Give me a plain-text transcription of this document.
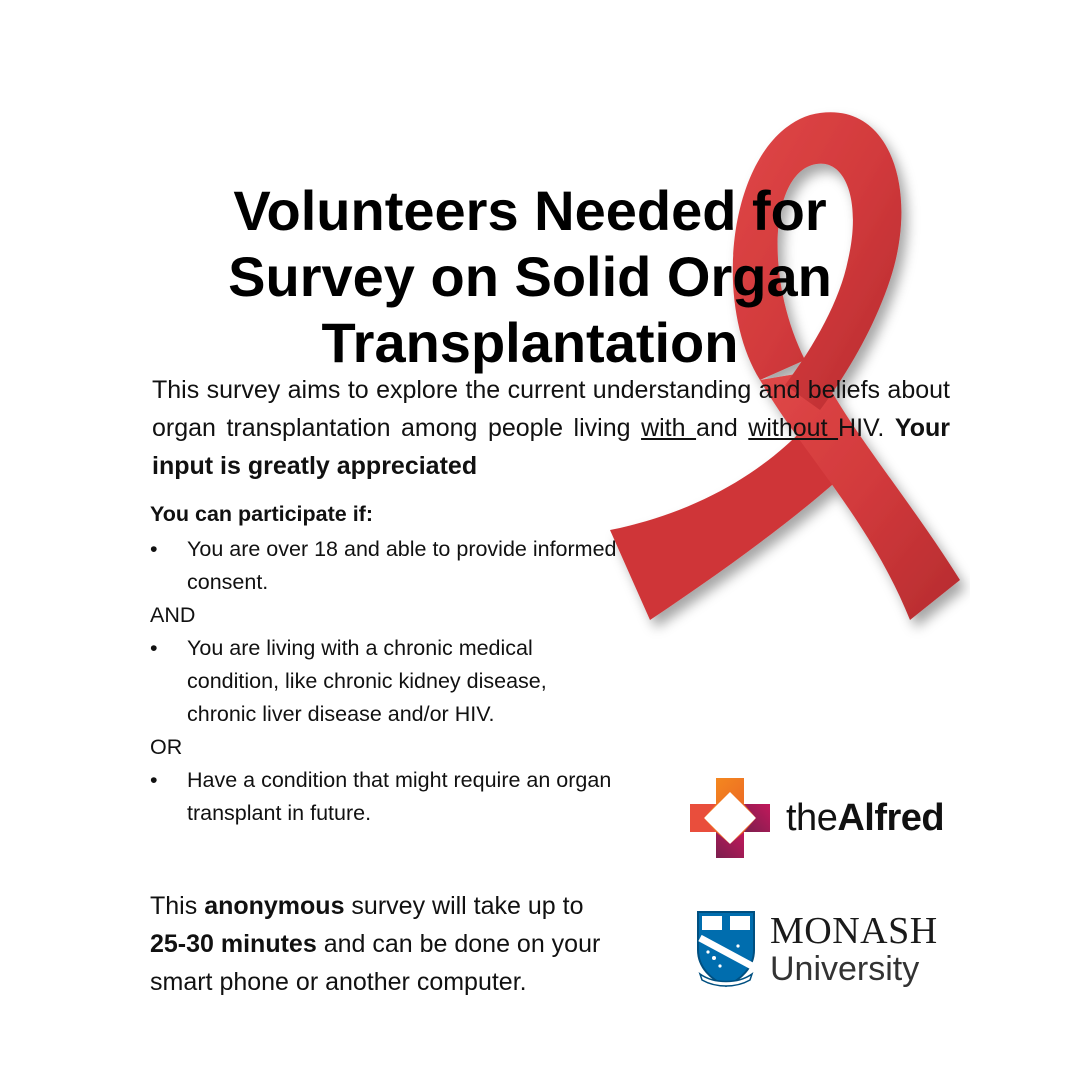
Volunteers Needed for
Survey on Solid Organ
Transplantation

This survey aims to explore the current understanding and beliefs about organ transplantation among people living with and without HIV. Your input is greatly appreciated

You can participate if:
• You are over 18 and able to provide informed consent.
AND
• You are living with a chronic medical condition, like chronic kidney disease, chronic liver disease and/or HIV.
OR
• Have a condition that might require an organ transplant in future.

This anonymous survey will take up to 25-30 minutes and can be done on your smart phone or another computer.

theAlfred
MONASH
University
